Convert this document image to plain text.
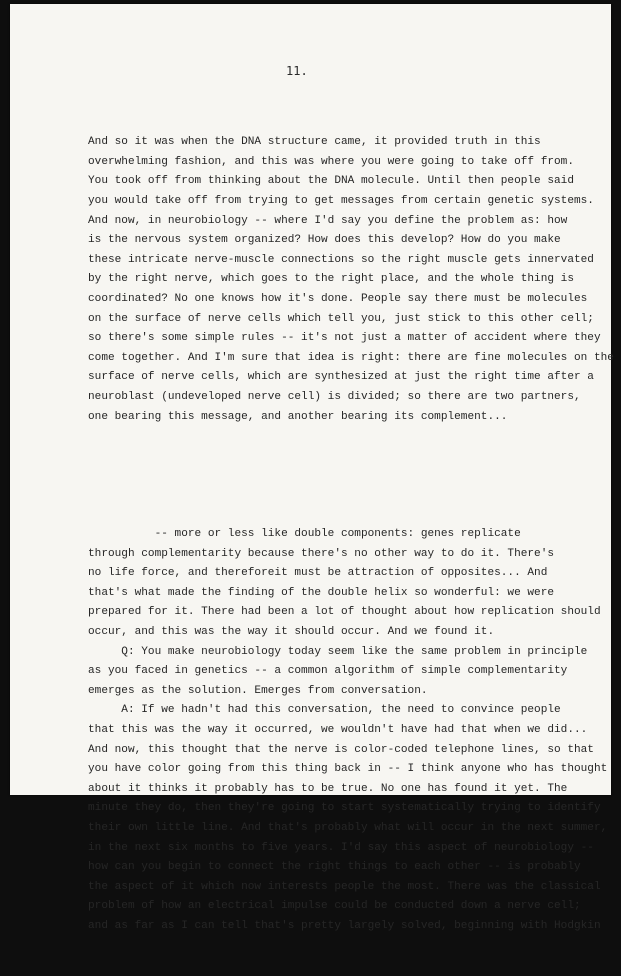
11.

And so it was when the DNA structure came, it provided truth in this
overwhelming fashion, and this was where you were going to take off from.
You took off from thinking about the DNA molecule. Until then people said
you would take off from trying to get messages from certain genetic systems.
And now, in neurobiology -- where I'd say you define the problem as: how
is the nervous system organized? How does this develop? How do you make
these intricate nerve-muscle connections so the right muscle gets innervated
by the right nerve, which goes to the right place, and the whole thing is
coordinated? No one knows how it's done. People say there must be molecules
on the surface of nerve cells which tell you, just stick to this other cell;
so there's some simple rules -- it's not just a matter of accident where they
come together. And I'm sure that idea is right: there are fine molecules on the
surface of nerve cells, which are synthesized at just the right time after a
neuroblast (undeveloped nerve cell) is divided; so there are two partners,
one bearing this message, and another bearing its complement...

-- more or less like double components: genes replicate
through complementarity because there's no other way to do it. There's
no life force, and thereforeit must be attraction of opposites... And
that's what made the finding of the double helix so wonderful: we were
prepared for it. There had been a lot of thought about how replication should
occur, and this was the way it should occur. And we found it.
Q: You make neurobiology today seem like the same problem in principle
as you faced in genetics -- a common algorithm of simple complementarity
emerges as the solution. Emerges from conversation.
A: If we hadn't had this conversation, the need to convince people
that this was the way it occurred, we wouldn't have had that when we did...
And now, this thought that the nerve is color-coded telephone lines, so that
you have color going from this thing back in -- I think anyone who has thought
about it thinks it probably has to be true. No one has found it yet. The
minute they do, then they're going to start systematically trying to identify
their own little line. And that's probably what will occur in the next summer,
in the next six months to five years. I'd say this aspect of neurobiology --
how can you begin to connect the right things to each other -- is probably
the aspect of it which now interests people the most. There was the classical
problem of how an electrical impulse could be conducted down a nerve cell;
and as far as I can tell that's pretty largely solved, beginning with Hodgkin
